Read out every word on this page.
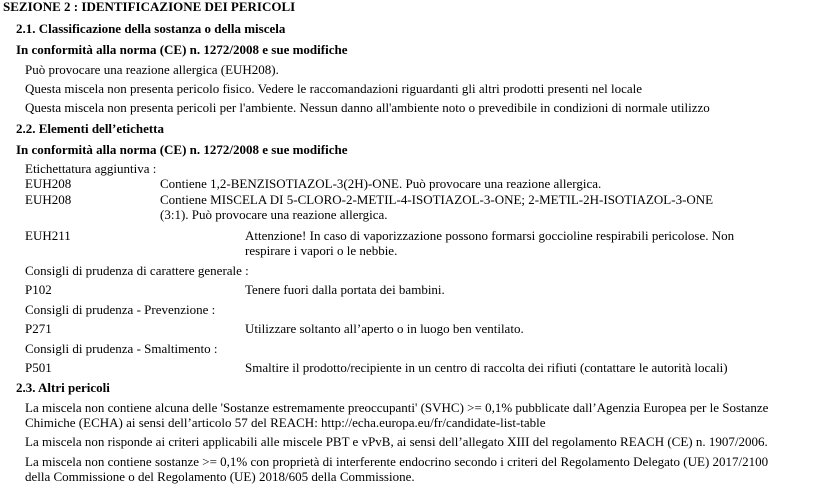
SEZIONE 2 : IDENTIFICAZIONE DEI PERICOLI
2.1. Classificazione della sostanza o della miscela
In conformità alla norma (CE) n. 1272/2008 e sue modifiche
Può provocare una reazione allergica (EUH208).
Questa miscela non presenta pericolo fisico. Vedere le raccomandazioni riguardanti gli altri prodotti presenti nel locale
Questa miscela non presenta pericoli per l'ambiente. Nessun danno all'ambiente noto o prevedibile in condizioni di normale utilizzo
2.2. Elementi dell’etichetta
In conformità alla norma (CE) n. 1272/2008 e sue modifiche
Etichettatura aggiuntiva :
EUH208	Contiene 1,2-BENZISOTIAZOL-3(2H)-ONE. Può provocare una reazione allergica.
EUH208	Contiene MISCELA DI 5-CLORO-2-METIL-4-ISOTIAZOL-3-ONE; 2-METIL-2H-ISOTIAZOL-3-ONE
(3:1). Può provocare una reazione allergica.
EUH211	Attenzione! In caso di vaporizzazione possono formarsi goccioline respirabili pericolose. Non
respirare i vapori o le nebbie.
Consigli di prudenza di carattere generale :
P102	Tenere fuori dalla portata dei bambini.
Consigli di prudenza - Prevenzione :
P271	Utilizzare soltanto all’aperto o in luogo ben ventilato.
Consigli di prudenza - Smaltimento :
P501	Smaltire il prodotto/recipiente in un centro di raccolta dei rifiuti (contattare le autorità locali)
2.3. Altri pericoli
La miscela non contiene alcuna delle 'Sostanze estremamente preoccupanti' (SVHC) >= 0,1% pubblicate dall’Agenzia Europea per le Sostanze
Chimiche (ECHA) ai sensi dell’articolo 57 del REACH: http://echa.europa.eu/fr/candidate-list-table
La miscela non risponde ai criteri applicabili alle miscele PBT e vPvB, ai sensi dell’allegato XIII del regolamento REACH (CE) n. 1907/2006.
La miscela non contiene sostanze >= 0,1% con proprietà di interferente endocrino secondo i criteri del Regolamento Delegato (UE) 2017/2100
della Commissione o del Regolamento (UE) 2018/605 della Commissione.
